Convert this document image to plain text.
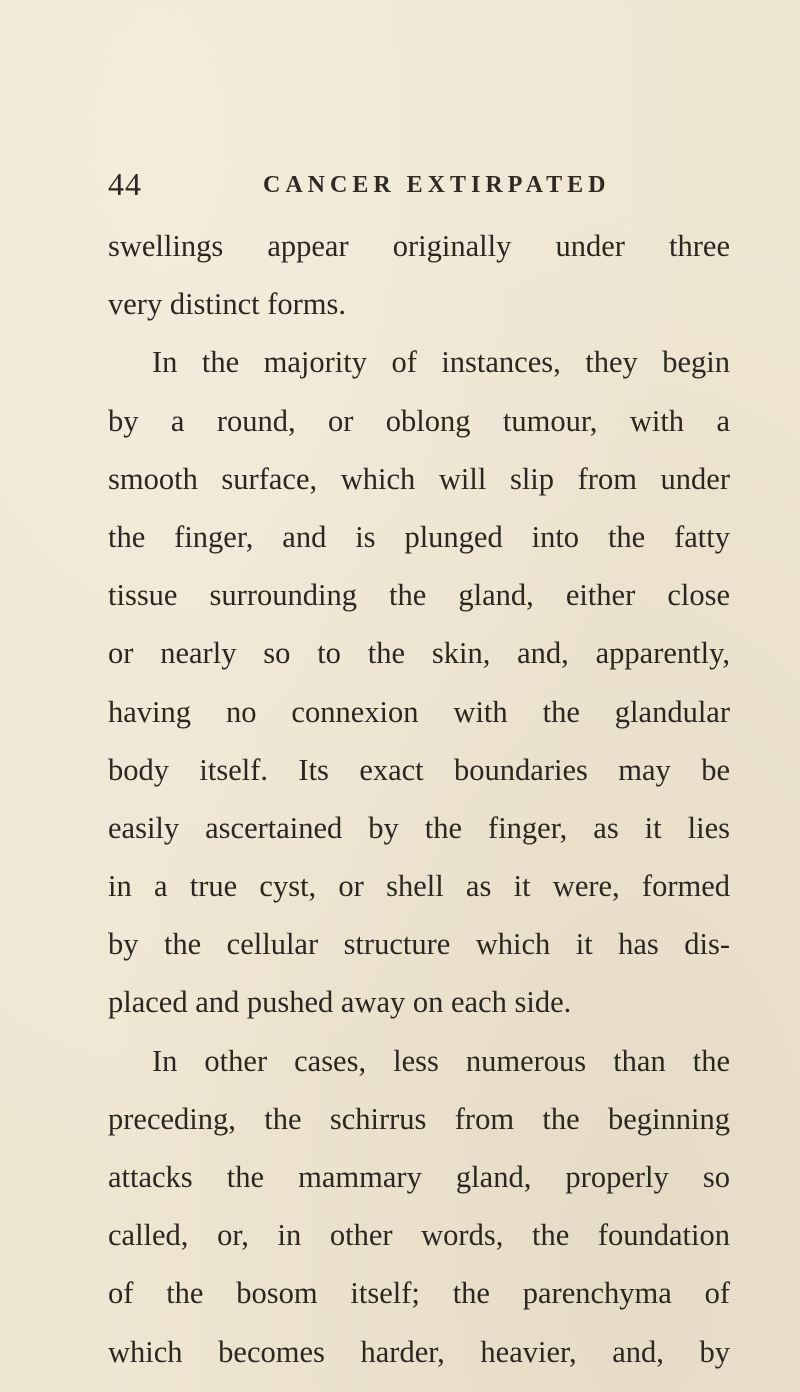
44	CANCER EXTIRPATED
swellings appear originally under three
very distinct forms.
In the majority of instances, they begin
by a round, or oblong tumour, with a
smooth surface, which will slip from under
the finger, and is plunged into the fatty
tissue surrounding the gland, either close
or nearly so to the skin, and, apparently,
having no connexion with the glandular
body itself. Its exact boundaries may be
easily ascertained by the finger, as it lies
in a true cyst, or shell as it were, formed
by the cellular structure which it has dis-
placed and pushed away on each side.
In other cases, less numerous than the
preceding, the schirrus from the beginning
attacks the mammary gland, properly so
called, or, in other words, the foundation
of the bosom itself; the parenchyma of
which becomes harder, heavier, and, by
